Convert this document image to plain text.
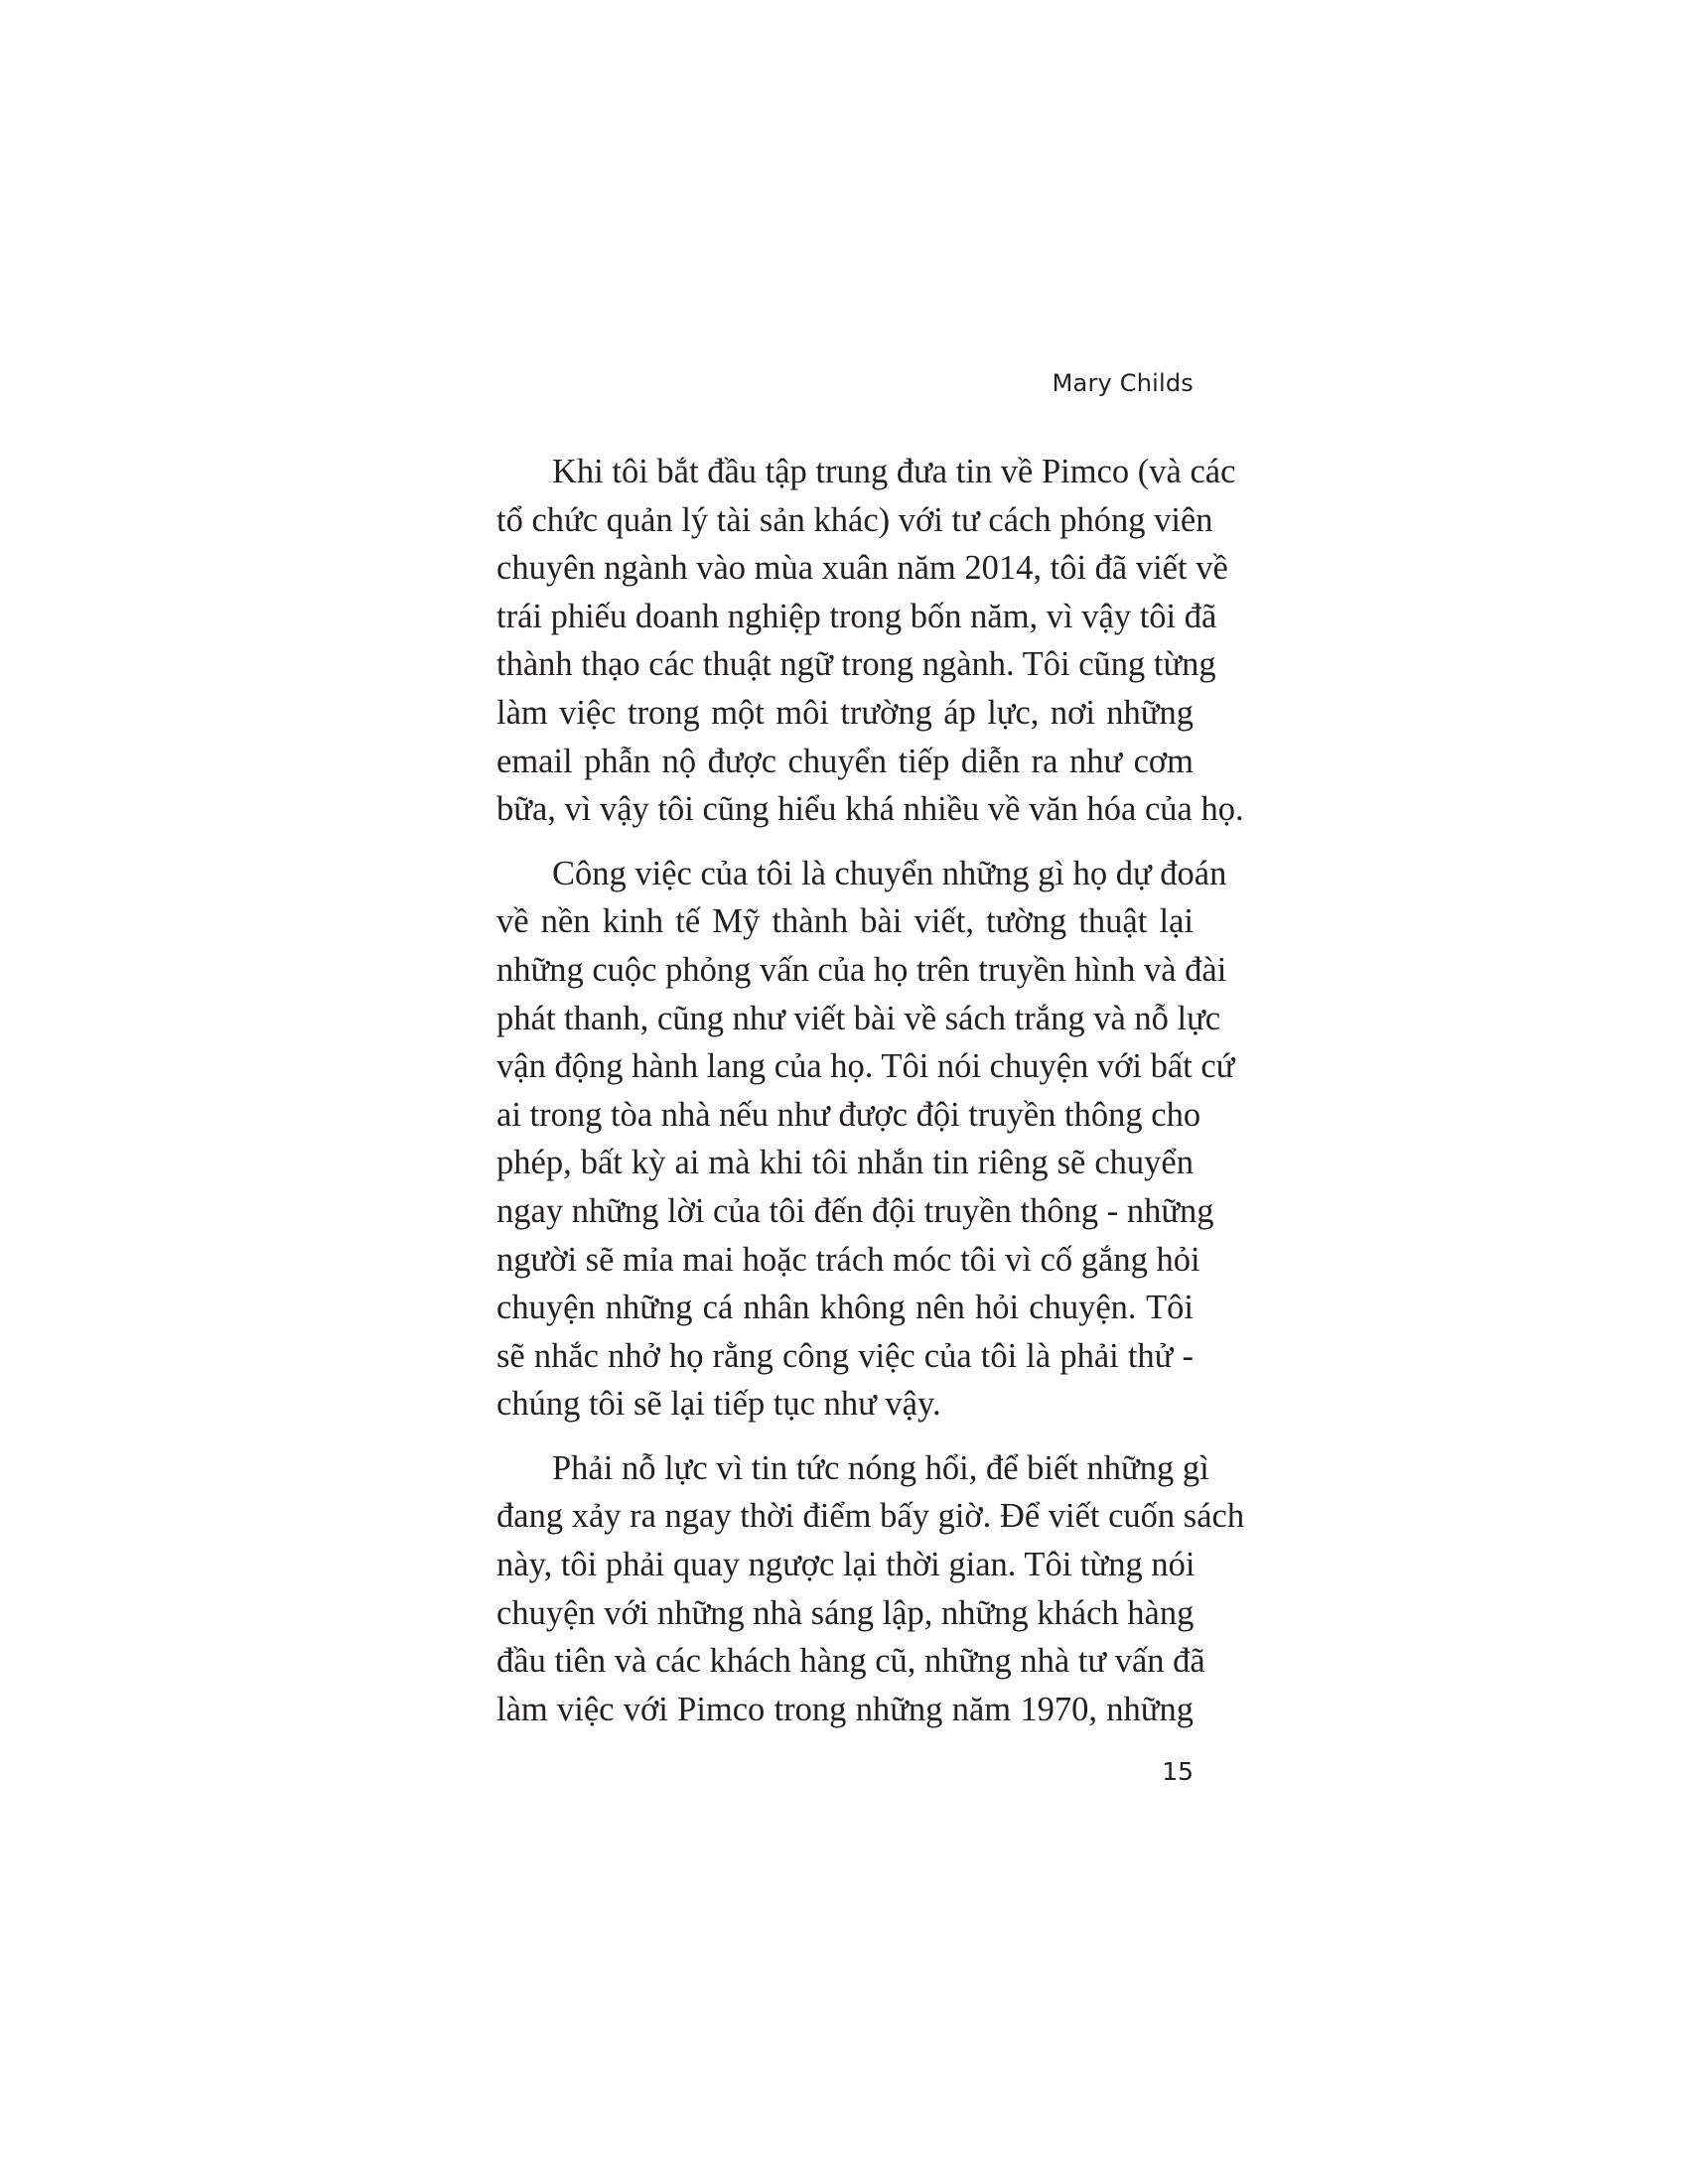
Mary Childs
Khi tôi bắt đầu tập trung đưa tin về Pimco (và các
tổ chức quản lý tài sản khác) với tư cách phóng viên
chuyên ngành vào mùa xuân năm 2014, tôi đã viết về
trái phiếu doanh nghiệp trong bốn năm, vì vậy tôi đã
thành thạo các thuật ngữ trong ngành. Tôi cũng từng
làm việc trong một môi trường áp lực, nơi những
email phẫn nộ được chuyển tiếp diễn ra như cơm
bữa, vì vậy tôi cũng hiểu khá nhiều về văn hóa của họ.
Công việc của tôi là chuyển những gì họ dự đoán
về nền kinh tế Mỹ thành bài viết, tường thuật lại
những cuộc phỏng vấn của họ trên truyền hình và đài
phát thanh, cũng như viết bài về sách trắng và nỗ lực
vận động hành lang của họ. Tôi nói chuyện với bất cứ
ai trong tòa nhà nếu như được đội truyền thông cho
phép, bất kỳ ai mà khi tôi nhắn tin riêng sẽ chuyển
ngay những lời của tôi đến đội truyền thông - những
người sẽ mỉa mai hoặc trách móc tôi vì cố gắng hỏi
chuyện những cá nhân không nên hỏi chuyện. Tôi
sẽ nhắc nhở họ rằng công việc của tôi là phải thử -
chúng tôi sẽ lại tiếp tục như vậy.
Phải nỗ lực vì tin tức nóng hổi, để biết những gì
đang xảy ra ngay thời điểm bấy giờ. Để viết cuốn sách
này, tôi phải quay ngược lại thời gian. Tôi từng nói
chuyện với những nhà sáng lập, những khách hàng
đầu tiên và các khách hàng cũ, những nhà tư vấn đã
làm việc với Pimco trong những năm 1970, những
15
